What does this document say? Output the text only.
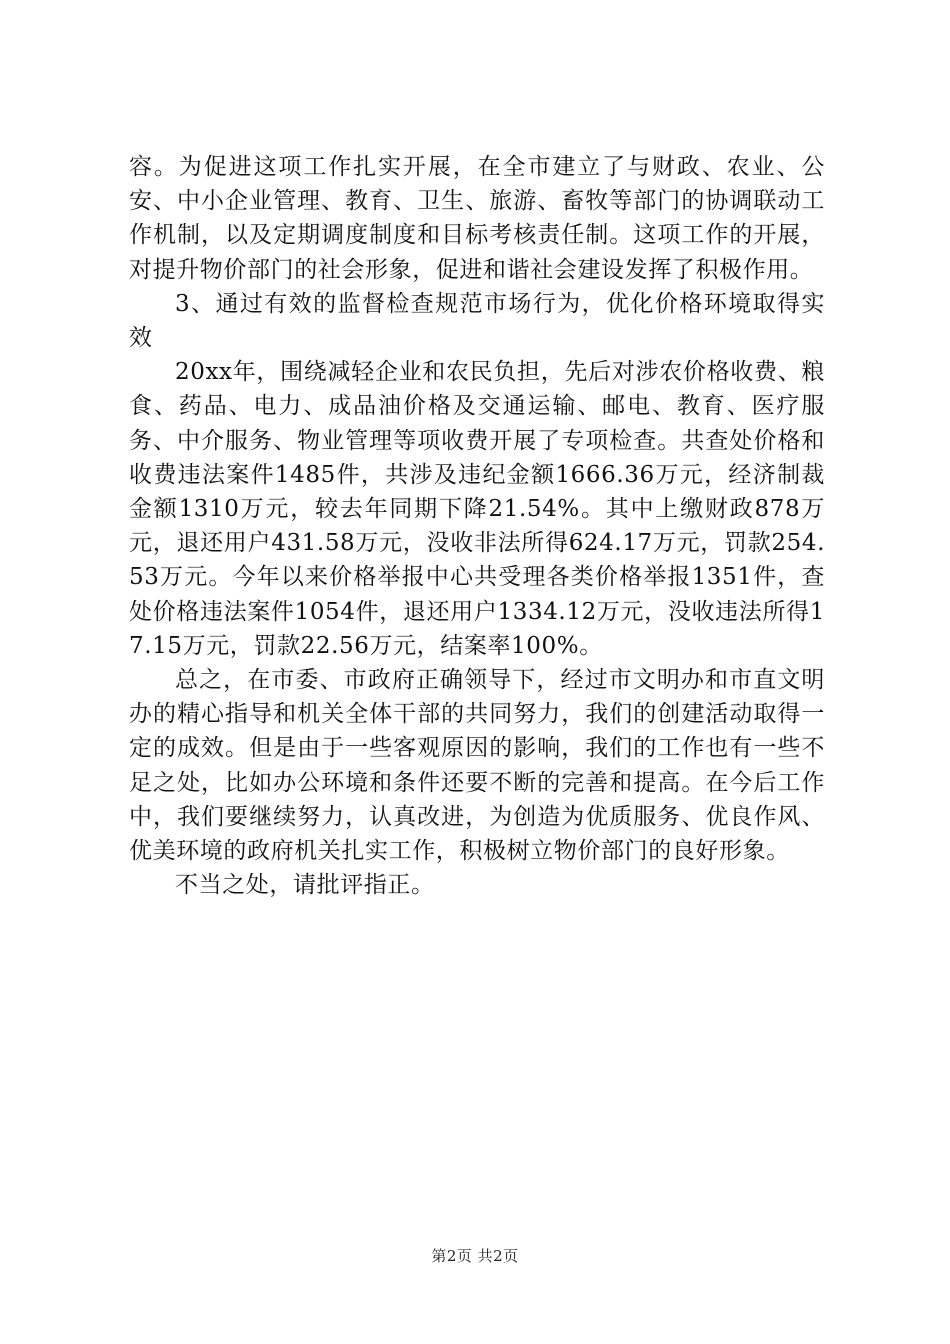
容。为促进这项工作扎实开展，在全市建立了与财政、农业、公安、中小企业管理、教育、卫生、旅游、畜牧等部门的协调联动工作机制，以及定期调度制度和目标考核责任制。这项工作的开展，对提升物价部门的社会形象，促进和谐社会建设发挥了积极作用。

3、通过有效的监督检查规范市场行为，优化价格环境取得实效

20xx年，围绕减轻企业和农民负担，先后对涉农价格收费、粮食、药品、电力、成品油价格及交通运输、邮电、教育、医疗服务、中介服务、物业管理等项收费开展了专项检查。共查处价格和收费违法案件1485件，共涉及违纪金额1666.36万元，经济制裁金额1310万元，较去年同期下降21.54%。其中上缴财政878万元，退还用户431.58万元，没收非法所得624.17万元，罚款254.53万元。今年以来价格举报中心共受理各类价格举报1351件，查处价格违法案件1054件，退还用户1334.12万元，没收违法所得17.15万元，罚款22.56万元，结案率100%。

总之，在市委、市政府正确领导下，经过市文明办和市直文明办的精心指导和机关全体干部的共同努力，我们的创建活动取得一定的成效。但是由于一些客观原因的影响，我们的工作也有一些不足之处，比如办公环境和条件还要不断的完善和提高。在今后工作中，我们要继续努力，认真改进，为创造为优质服务、优良作风、优美环境的政府机关扎实工作，积极树立物价部门的良好形象。

不当之处，请批评指正。

第2页 共2页
